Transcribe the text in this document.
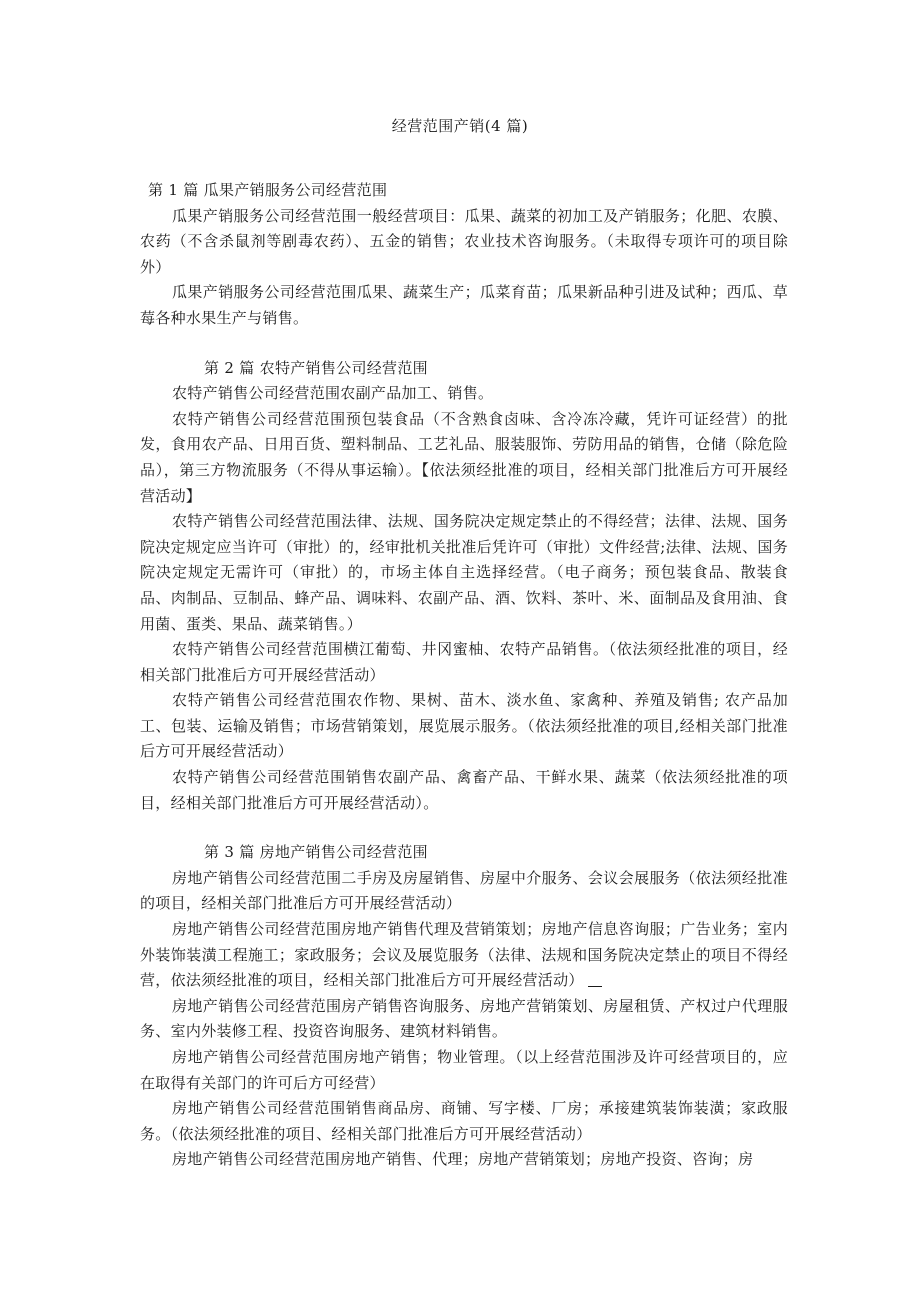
经营范围产销(4 篇)
第 1 篇 瓜果产销服务公司经营范围

瓜果产销服务公司经营范围一般经营项目：瓜果、蔬菜的初加工及产销服务；化肥、农膜、农药（不含杀鼠剂等剧毒农药）、五金的销售；农业技术咨询服务。（未取得专项许可的项目除外）

瓜果产销服务公司经营范围瓜果、蔬菜生产；瓜菜育苗；瓜果新品种引进及试种；西瓜、草莓各种水果生产与销售。

第 2 篇 农特产销售公司经营范围

农特产销售公司经营范围农副产品加工、销售。

农特产销售公司经营范围预包装食品（不含熟食卤味、含冷冻冷藏，凭许可证经营）的批发，食用农产品、日用百货、塑料制品、工艺礼品、服装服饰、劳防用品的销售，仓储（除危险品），第三方物流服务（不得从事运输）。【依法须经批准的项目，经相关部门批准后方可开展经营活动】

农特产销售公司经营范围法律、法规、国务院决定规定禁止的不得经营；法律、法规、国务院决定规定应当许可（审批）的，经审批机关批准后凭许可（审批）文件经营;法律、法规、国务院决定规定无需许可（审批）的，市场主体自主选择经营。（电子商务；预包装食品、散装食品、肉制品、豆制品、蜂产品、调味料、农副产品、酒、饮料、茶叶、米、面制品及食用油、食用菌、蛋类、果品、蔬菜销售。）

农特产销售公司经营范围横江葡萄、井冈蜜柚、农特产品销售。（依法须经批准的项目，经相关部门批准后方可开展经营活动）

农特产销售公司经营范围农作物、果树、苗木、淡水鱼、家禽种、养殖及销售; 农产品加工、包装、运输及销售；市场营销策划，展览展示服务。（依法须经批准的项目,经相关部门批准后方可开展经营活动）

农特产销售公司经营范围销售农副产品、禽畜产品、干鲜水果、蔬菜（依法须经批准的项目，经相关部门批准后方可开展经营活动）。

第 3 篇 房地产销售公司经营范围

房地产销售公司经营范围二手房及房屋销售、房屋中介服务、会议会展服务（依法须经批准的项目，经相关部门批准后方可开展经营活动）

房地产销售公司经营范围房地产销售代理及营销策划；房地产信息咨询服；广告业务；室内外装饰装潢工程施工；家政服务；会议及展览服务（法律、法规和国务院决定禁止的项目不得经营，依法须经批准的项目，经相关部门批准后方可开展经营活动）

房地产销售公司经营范围房产销售咨询服务、房地产营销策划、房屋租赁、产权过户代理服务、室内外装修工程、投资咨询服务、建筑材料销售。

房地产销售公司经营范围房地产销售；物业管理。（以上经营范围涉及许可经营项目的，应在取得有关部门的许可后方可经营）

房地产销售公司经营范围销售商品房、商铺、写字楼、厂房；承接建筑装饰装潢；家政服务。（依法须经批准的项目、经相关部门批准后方可开展经营活动）

房地产销售公司经营范围房地产销售、代理；房地产营销策划；房地产投资、咨询；房
